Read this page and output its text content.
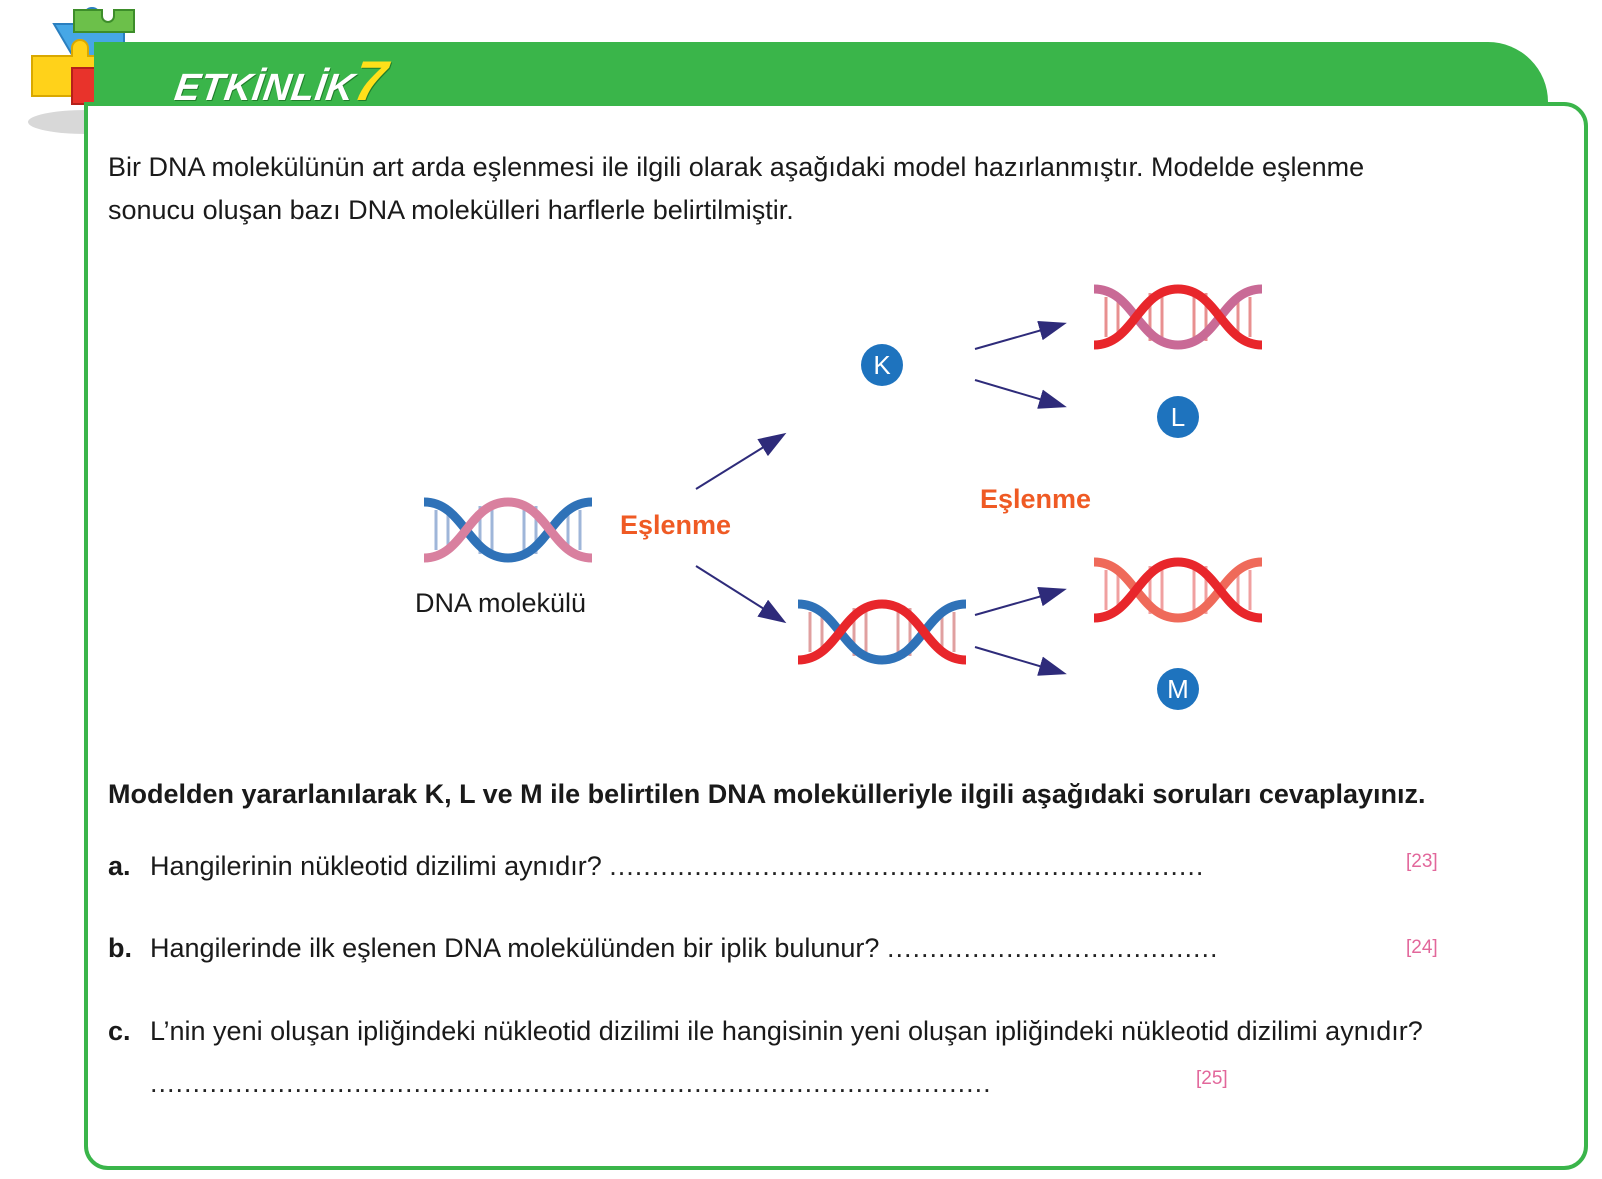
ETKİNLİK7
Bir DNA molekülünün art arda eşlenmesi ile ilgili olarak aşağıdaki model hazırlanmıştır. Modelde eşlenme
sonucu oluşan bazı DNA molekülleri harflerle belirtilmiştir.
DNA molekülü
Eşlenme
Eşlenme
K
L
M
Modelden yararlanılarak K, L ve M ile belirtilen DNA molekülleriyle ilgili aşağıdaki soruları cevaplayınız.
a. Hangilerinin nükleotid dizilimi aynıdır? ......................................................................	[23]
b. Hangilerinde ilk eşlenen DNA molekülünden bir iplik bulunur? .......................................	[24]
c. L’nin yeni oluşan ipliğindeki nükleotid dizilimi ile hangisinin yeni oluşan ipliğindeki nükleotid dizilimi aynıdır?
...................................................................................................	[25]
